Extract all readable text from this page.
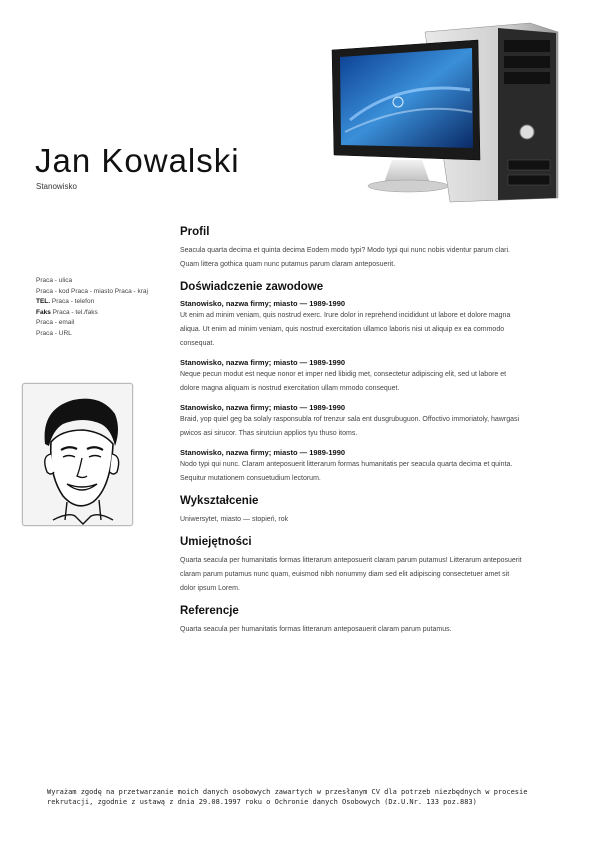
Jan Kowalski
Stanowisko
Praca - ulica
Praca - kod Praca - miasto Praca - kraj
TEL. Praca - telefon
Faks Praca - tel./faks
Praca - email
Praca - URL
Profil

Seacula quarta decima et quinta decima Eodem modo typi? Modo typi qui nunc nobis videntur parum clari. Quam littera gothica quam nunc putamus parum claram anteposuerit.

Doświadczenie zawodowe
Stanowisko, nazwa firmy; miasto — 1989-1990

Ut enim ad minim veniam, quis nostrud exerc. Irure dolor in reprehend incididunt ut labore et dolore magna aliqua. Ut enim ad minim veniam, quis nostrud exercitation ullamco laboris nisi ut aliquip ex ea commodo consequat.

Stanowisko, nazwa firmy; miasto — 1989-1990

Neque pecun modut est neque nonor et imper ned libidig met, consectetur adipiscing elit, sed ut labore et dolore magna aliquam is nostrud exercitation ullam mmodo consequet.

Stanowisko, nazwa firmy; miasto — 1989-1990

Braid, yop quiel geg ba solaly rasponsubla rof trenzur sala ent dusgrubuguon. Offoctivo immoriatoly, hawrgasi pwicos asi sirucor. Thas sirutciun applios tyu thuso itoms.

Stanowisko, nazwa firmy; miasto — 1989-1990

Nodo typi qui nunc. Claram anteposuerit litterarum formas humanitatis per seacula quarta decima et quinta. Sequitur mutationem consuetudium lectorum.

Wykształcenie

Uniwersytet, miasto — stopień, rok

Umiejętności

Quarta seacula per humanitatis formas litterarum anteposuerit claram parum putamus! Litterarum anteposuerit claram parum putamus nunc quam, euismod nibh nonummy diam sed elit adipiscing consectetuer amet sit dolor ipsum Lorem.

Referencje

Quarta seacula per humanitatis formas litterarum anteposauerit claram parum putamus.

Wyrażam zgodę na przetwarzanie moich danych osobowych zawartych w przesłanym CV dla potrzeb niezbędnych w procesie rekrutacji, zgodnie z ustawą z dnia 29.08.1997 roku o Ochronie danych Osobowych (Dz.U.Nr. 133 poz.883)
